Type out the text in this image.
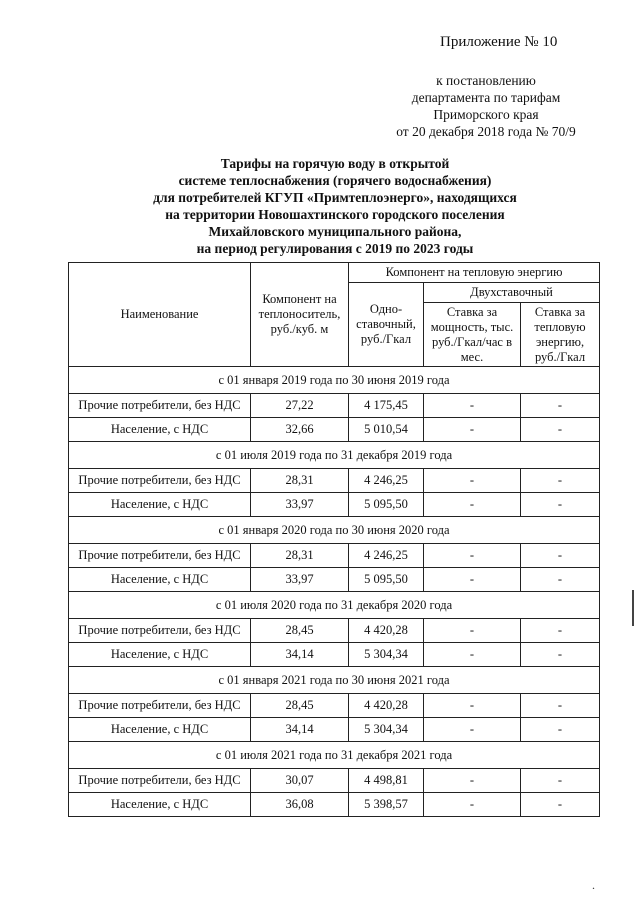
Приложение № 10
к постановлению
департамента по тарифам
Приморского края
от 20 декабря 2018 года № 70/9
Тарифы на горячую воду в открытой
системе теплоснабжения (горячего водоснабжения)
для потребителей КГУП «Примтеплоэнерго», находящихся
на территории Новошахтинского городского поселения
Михайловского муниципального района,
на период регулирования с 2019 по 2023 годы
Наименование	Компонент на теплоноситель, руб./куб. м	Компонент на тепловую энергию		
		Одно-ставочный, руб./Гкал	Двухставочный	
			Ставка за мощность, тыс. руб./Гкал/час в мес.	Ставка за тепловую энергию, руб./Гкал
с 01 января 2019 года по 30 июня 2019 года				
Прочие потребители, без НДС	27,22	4 175,45	-	-
Население, с НДС	32,66	5 010,54	-	-
с 01 июля 2019 года по 31 декабря 2019 года				
Прочие потребители, без НДС	28,31	4 246,25	-	-
Население, с НДС	33,97	5 095,50	-	-
с 01 января 2020 года по 30 июня 2020 года				
Прочие потребители, без НДС	28,31	4 246,25	-	-
Население, с НДС	33,97	5 095,50	-	-
с 01 июля 2020 года по 31 декабря 2020 года				
Прочие потребители, без НДС	28,45	4 420,28	-	-
Население, с НДС	34,14	5 304,34	-	-
с 01 января 2021 года по 30 июня 2021 года				
Прочие потребители, без НДС	28,45	4 420,28	-	-
Население, с НДС	34,14	5 304,34	-	-
с 01 июля 2021 года по 31 декабря 2021 года				
Прочие потребители, без НДС	30,07	4 498,81	-	-
Население, с НДС	36,08	5 398,57	-	-
.
